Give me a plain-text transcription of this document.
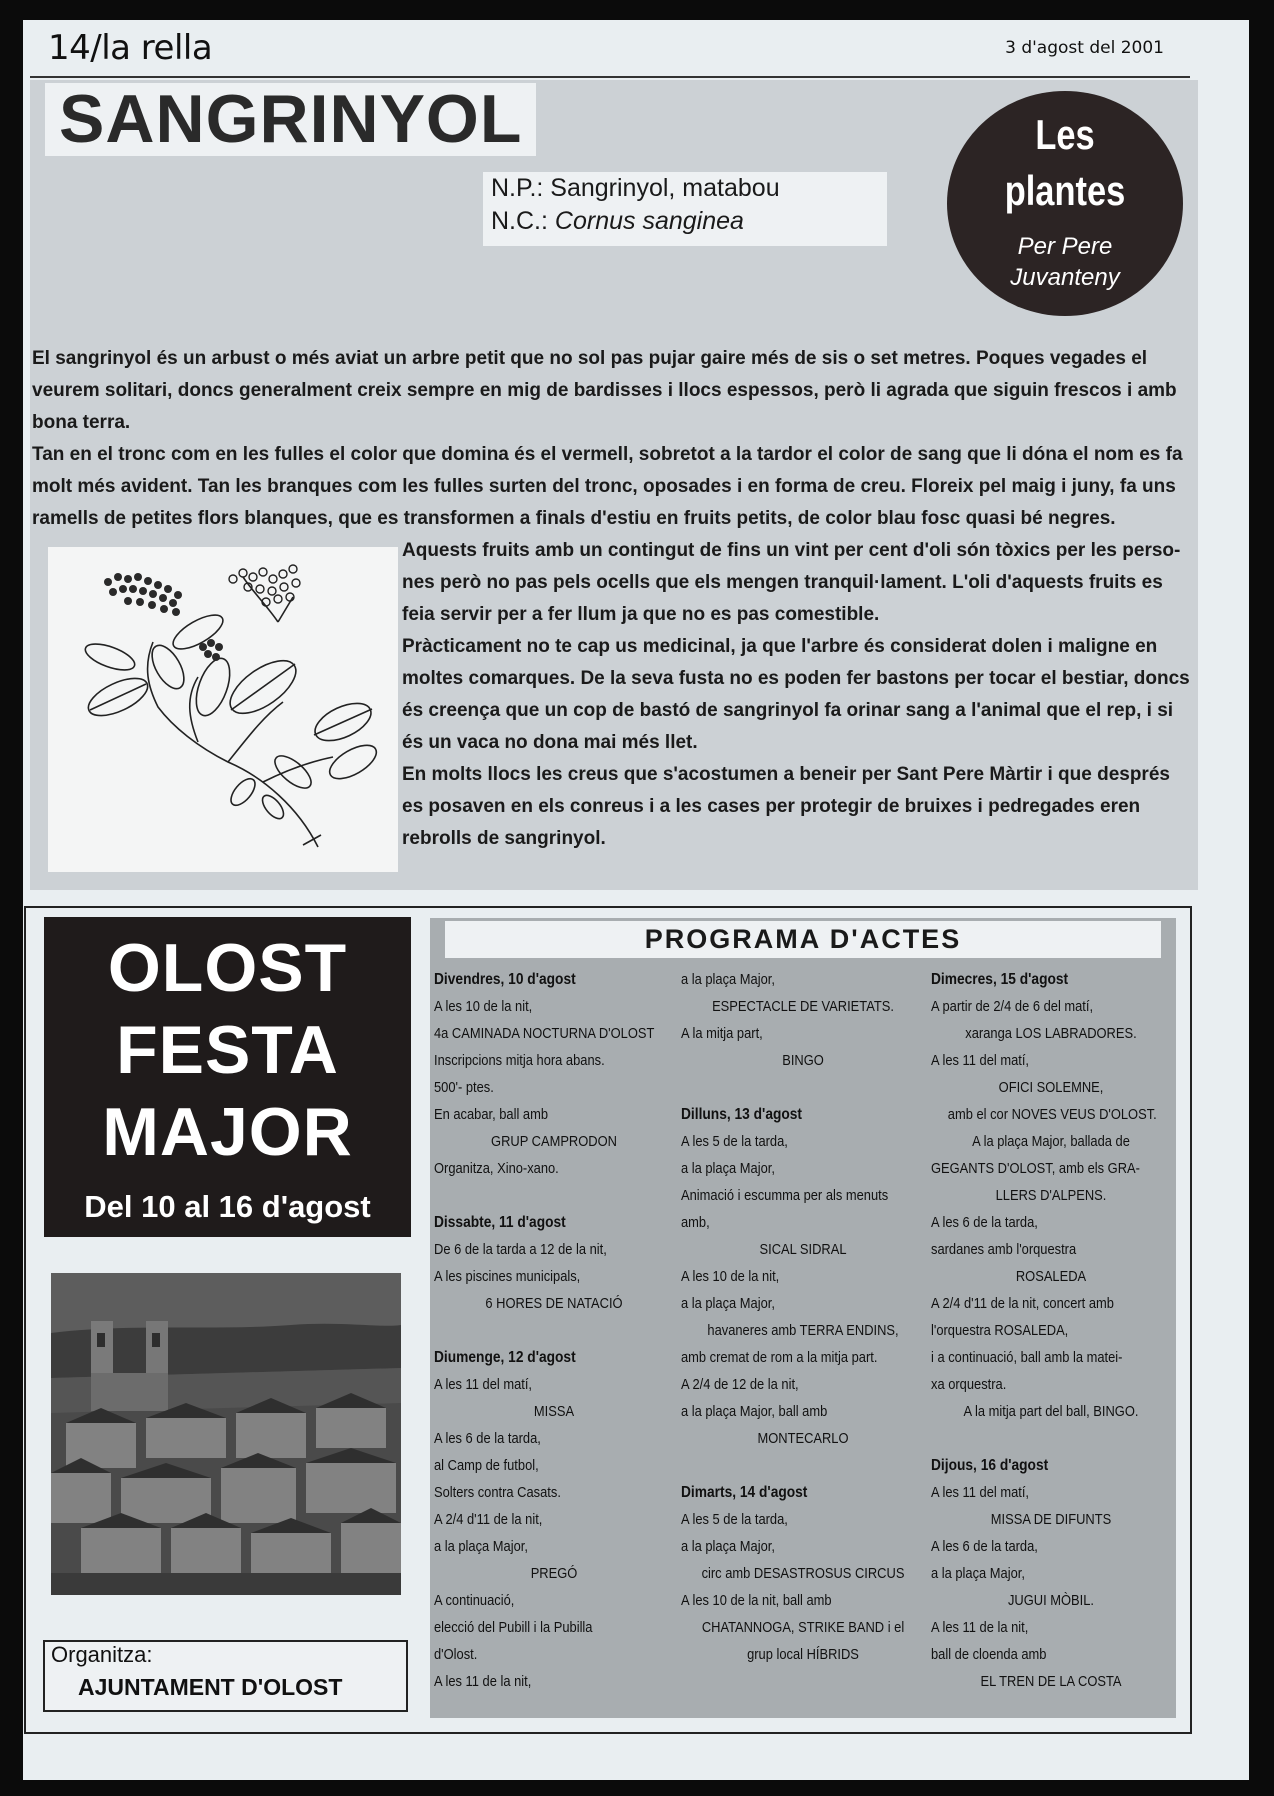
14/la rella	3 d'agost del 2001
SANGRINYOL
N.P.: Sangrinyol, matabou
N.C.: Cornus sanginea
Les
plantes
Per Pere
Juvanteny

El sangrinyol és un arbust o més aviat un arbre petit que no sol pas pujar gaire més de sis o set metres. Poques vegades el veurem solitari, doncs generalment creix sempre en mig de bardisses i llocs espessos, però li agrada que siguin frescos i amb bona terra.

Tan en el tronc com en les fulles el color que domina és el vermell, sobretot a la tardor el color de sang que li dóna el nom es fa molt més avident. Tan les branques com les fulles surten del tronc, oposades i en forma de creu. Floreix pel maig i juny, fa uns ramells de petites flors blanques, que es transformen a finals d'estiu en fruits petits, de color blau fosc quasi bé negres.

Aquests fruits amb un contingut de fins un vint per cent d'oli són tòxics per les perso-nes però no pas pels ocells que els mengen tranquil·lament. L'oli d'aquests fruits es feia servir per a fer llum ja que no es pas comestible.

Pràcticament no te cap us medicinal, ja que l'arbre és considerat dolen i maligne en moltes comarques. De la seva fusta no es poden fer bastons per tocar el bestiar, doncs és creença que un cop de bastó de sangrinyol fa orinar sang a l'animal que el rep, i si és un vaca no dona mai més llet.

En molts llocs les creus que s'acostumen a beneir per Sant Pere Màrtir i que després es posaven en els conreus i a les cases per protegir de bruixes i pedregades eren rebrolls de sangrinyol.

OLOST
FESTA
MAJOR
Del 10 al 16 d'agost
Organitza:
AJUNTAMENT D'OLOST
PROGRAMA D'ACTES
Divendres, 10 d'agost
A les 10 de la nit,
4a CAMINADA NOCTURNA D'OLOST
Inscripcions mitja hora abans.
500'- ptes.
En acabar, ball amb
GRUP CAMPRODON
Organitza, Xino-xano.
Dissabte, 11 d'agost
De 6 de la tarda a 12 de la nit,
A les piscines municipals,
6 HORES DE NATACIÓ
Diumenge, 12 d'agost
A les 11 del matí,
MISSA
A les 6 de la tarda,
al Camp de futbol,
Solters contra Casats.
A 2/4 d'11 de la nit,
a la plaça Major,
PREGÓ
A continuació,
elecció del Pubill i la Pubilla
d'Olost.
A les 11 de la nit,
a la plaça Major,
ESPECTACLE DE VARIETATS.
A la mitja part,
BINGO
Dilluns, 13 d'agost
A les 5 de la tarda,
a la plaça Major,
Animació i escumma per als menuts
amb,
SICAL SIDRAL
A les 10 de la nit,
a la plaça Major,
havaneres amb TERRA ENDINS,
amb cremat de rom a la mitja part.
A 2/4 de 12 de la nit,
a la plaça Major, ball amb
MONTECARLO
Dimarts, 14 d'agost
A les 5 de la tarda,
a la plaça Major,
circ amb DESASTROSUS CIRCUS
A les 10 de la nit, ball amb
CHATANNOGA, STRIKE BAND i el
grup local HÍBRIDS
Dimecres, 15 d'agost
A partir de 2/4 de 6 del matí,
xaranga LOS LABRADORES.
A les 11 del matí,
OFICI SOLEMNE,
amb el cor NOVES VEUS D'OLOST.
A la plaça Major, ballada de
GEGANTS D'OLOST, amb els GRA-
LLERS D'ALPENS.
A les 6 de la tarda,
sardanes amb l'orquestra
ROSALEDA
A 2/4 d'11 de la nit, concert amb
l'orquestra ROSALEDA,
i a continuació, ball amb la matei-
xa orquestra.
A la mitja part del ball, BINGO.
Dijous, 16 d'agost
A les 11 del matí,
MISSA DE DIFUNTS
A les 6 de la tarda,
a la plaça Major,
JUGUI MÒBIL.
A les 11 de la nit,
ball de cloenda amb
EL TREN DE LA COSTA
